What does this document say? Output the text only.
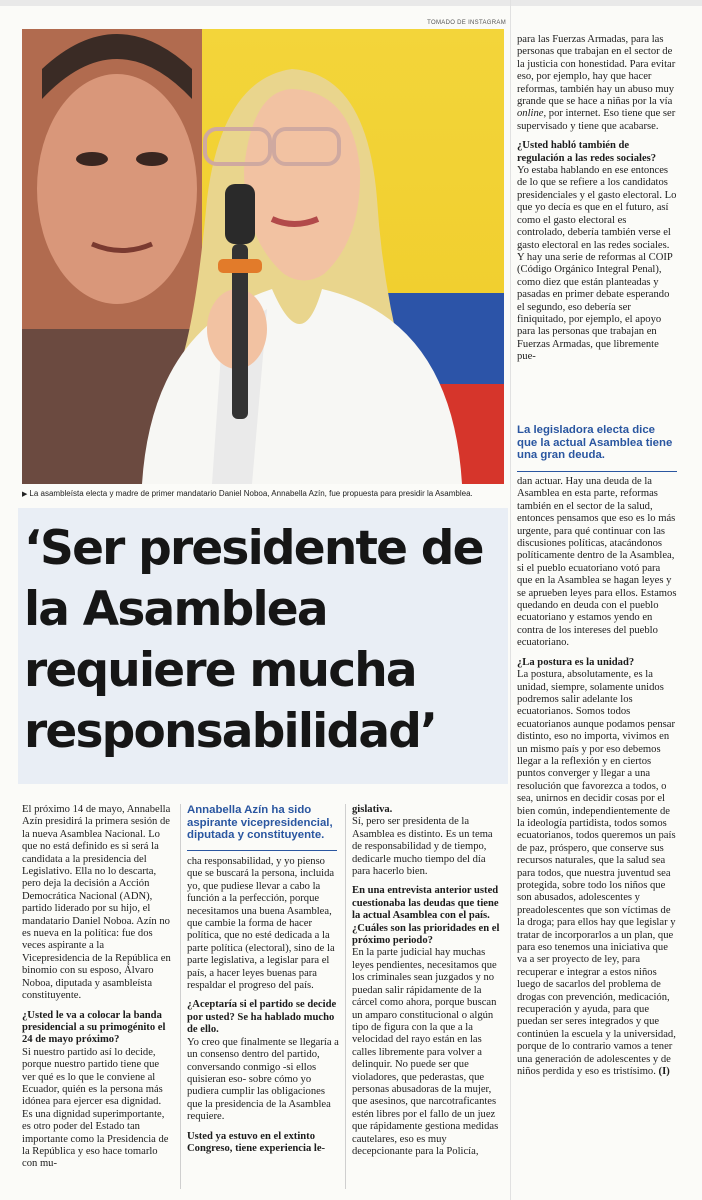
TOMADO DE INSTAGRAM
▶ La asambleísta electa y madre de primer mandatario Daniel Noboa, Annabella Azín, fue propuesta para presidir la Asamblea.
‘Ser presidente de la Asamblea requiere mucha responsabilidad’

El próximo 14 de mayo, Annabella Azín presidirá la primera sesión de la nueva Asamblea Nacional. Lo que no está definido es si será la candidata a la presidencia del Legislativo. Ella no lo descarta, pero deja la decisión a Acción Democrática Nacional (ADN), partido liderado por su hijo, el mandatario Daniel Noboa. Azín no es nueva en la política: fue dos veces aspirante a la Vicepresidencia de la República en binomio con su esposo, Álvaro Noboa, diputada y asambleísta constituyente.

¿Usted le va a colocar la banda presidencial a su primogénito el 24 de mayo próximo?

Si nuestro partido así lo decide, porque nuestro partido tiene que ver qué es lo que le conviene al Ecuador, quién es la persona más idónea para ejercer esa dignidad. Es una dignidad superimportante, es otro poder del Estado tan importante como la Presidencia de la República y eso hace tomarlo con mu-

Annabella Azín ha sido aspirante vicepresidencial, diputada y constituyente.

cha responsabilidad, y yo pienso que se buscará la persona, incluida yo, que pudiese llevar a cabo la función a la perfección, porque necesitamos una buena Asamblea, que cambie la forma de hacer política, que no esté dedicada a la parte política (electoral), sino de la parte legislativa, a legislar para el país, a hacer leyes buenas para respaldar el progreso del país.

¿Aceptaría si el partido se decide por usted? Se ha hablado mucho de ello.

Yo creo que finalmente se llegaría a un consenso dentro del partido, conversando conmigo -si ellos quisieran eso- sobre cómo yo pudiera cumplir las obligaciones que la presidencia de la Asamblea requiere.

Usted ya estuvo en el extinto Congreso, tiene experiencia le-

gislativa.

Sí, pero ser presidenta de la Asamblea es distinto. Es un tema de responsabilidad y de tiempo, dedicarle mucho tiempo del día para hacerlo bien.

En una entrevista anterior usted cuestionaba las deudas que tiene la actual Asamblea con el país. ¿Cuáles son las prioridades en el próximo periodo?

En la parte judicial hay muchas leyes pendientes, necesitamos que los criminales sean juzgados y no puedan salir rápidamente de la cárcel como ahora, porque buscan un amparo constitucional o algún tipo de figura con la que a la velocidad del rayo están en las calles libremente para volver a delinquir. No puede ser que violadores, que pederastas, que personas abusadoras de la mujer, que asesinos, que narcotraficantes estén libres por el fallo de un juez que rápidamente gestiona medidas cautelares, eso es muy decepcionante para la Policía,

para las Fuerzas Armadas, para las personas que trabajan en el sector de la justicia con honestidad. Para evitar eso, por ejemplo, hay que hacer reformas, también hay un abuso muy grande que se hace a niñas por la vía online, por internet. Eso tiene que ser supervisado y tiene que acabarse.

¿Usted habló también de regulación a las redes sociales?

Yo estaba hablando en ese entonces de lo que se refiere a los candidatos presidenciales y el gasto electoral. Lo que yo decía es que en el futuro, así como el gasto electoral es controlado, debería también verse el gasto electoral en las redes sociales. Y hay una serie de reformas al COIP (Código Orgánico Integral Penal), como diez que están planteadas y pasadas en primer debate esperando el segundo, eso debería ser finiquitado, por ejemplo, el apoyo para las personas que trabajan en Fuerzas Armadas, que libremente pue-

La legisladora electa dice que la actual Asamblea tiene una gran deuda.

dan actuar. Hay una deuda de la Asamblea en esta parte, reformas también en el sector de la salud, entonces pensamos que eso es lo más urgente, para qué continuar con las discusiones políticas, atacándonos políticamente dentro de la Asamblea, si el pueblo ecuatoriano votó para que en la Asamblea se hagan leyes y se aprueben leyes para ellos. Estamos quedando en deuda con el pueblo ecuatoriano y estamos yendo en contra de los intereses del pueblo ecuatoriano.

¿La postura es la unidad?

La postura, absolutamente, es la unidad, siempre, solamente unidos podremos salir adelante los ecuatorianos. Somos todos ecuatorianos aunque podamos pensar distinto, eso no importa, vivimos en un mismo país y por eso debemos llegar a la reflexión y en ciertos puntos converger y llegar a una resolución que favorezca a todos, o sea, unirnos en decidir cosas por el bien común, independientemente de la ideología partidista, todos somos ecuatorianos, todos queremos un país de paz, próspero, que conserve sus recursos naturales, que la salud sea para todos, que nuestra juventud sea protegida, sobre todo los niños que son abusados, adolescentes y preadolescentes que son víctimas de la droga; para ellos hay que legislar y tratar de incorporarlos a un plan, que para eso tenemos una iniciativa que va a ser proyecto de ley, para recuperar e integrar a estos niños luego de sacarlos del problema de drogas con prevención, medicación, recuperación y ayuda, para que puedan ser seres integrados y que continúen la escuela y la universidad, porque de lo contrario vamos a tener una generación de adolescentes y de niños perdida y eso es tristísimo. (I)
